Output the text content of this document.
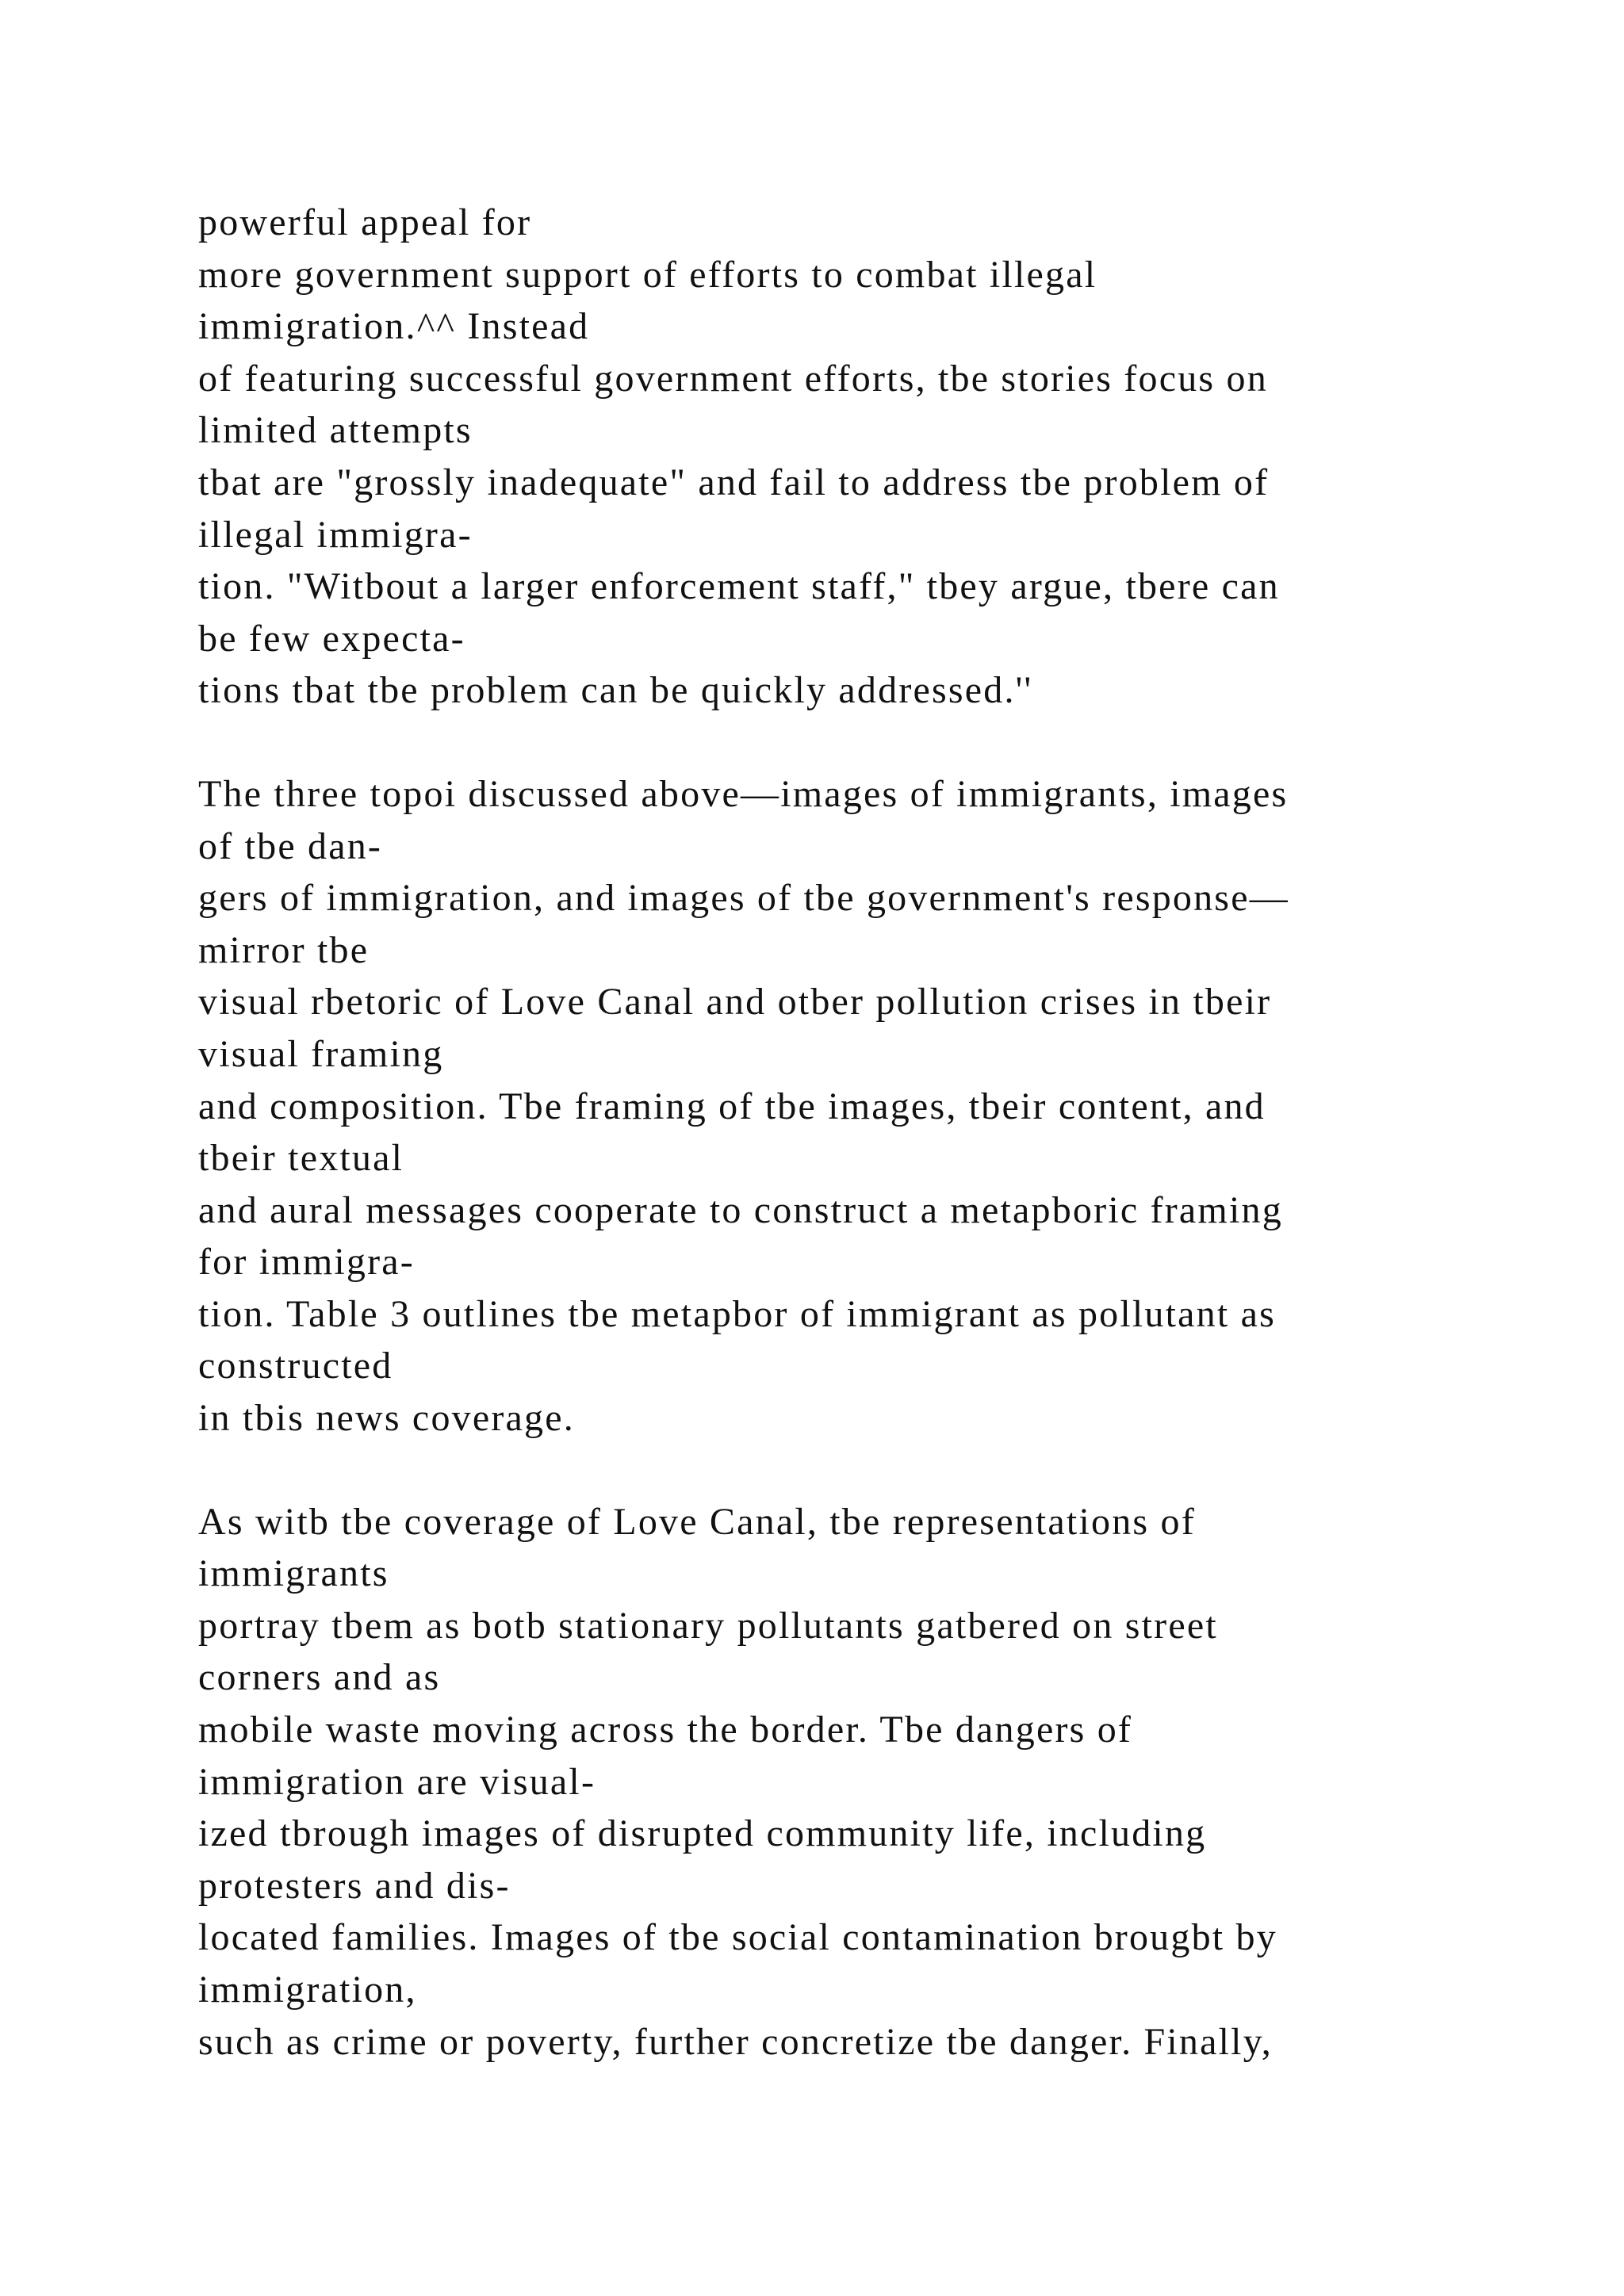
powerful appeal for
more government support of efforts to combat illegal
immigration.^^ Instead
of featuring successful government efforts, tbe stories focus on
limited attempts
tbat are "grossly inadequate" and fail to address tbe problem of
illegal immigra-
tion. "Witbout a larger enforcement staff," tbey argue, tbere can
be few expecta-
tions tbat tbe problem can be quickly addressed.''

The three topoi discussed above—images of immigrants, images
of tbe dan-
gers of immigration, and images of tbe government's response—
mirror tbe
visual rbetoric of Love Canal and otber pollution crises in tbeir
visual framing
and composition. Tbe framing of tbe images, tbeir content, and
tbeir textual
and aural messages cooperate to construct a metapboric framing
for immigra-
tion. Table 3 outlines tbe metapbor of immigrant as pollutant as
constructed
in tbis news coverage.

As witb tbe coverage of Love Canal, tbe representations of
immigrants
portray tbem as botb stationary pollutants gatbered on street
corners and as
mobile waste moving across the border. Tbe dangers of
immigration are visual-
ized tbrough images of disrupted community life, including
protesters and dis-
located families. Images of tbe social contamination brougbt by
immigration,
such as crime or poverty, further concretize tbe danger. Finally,
